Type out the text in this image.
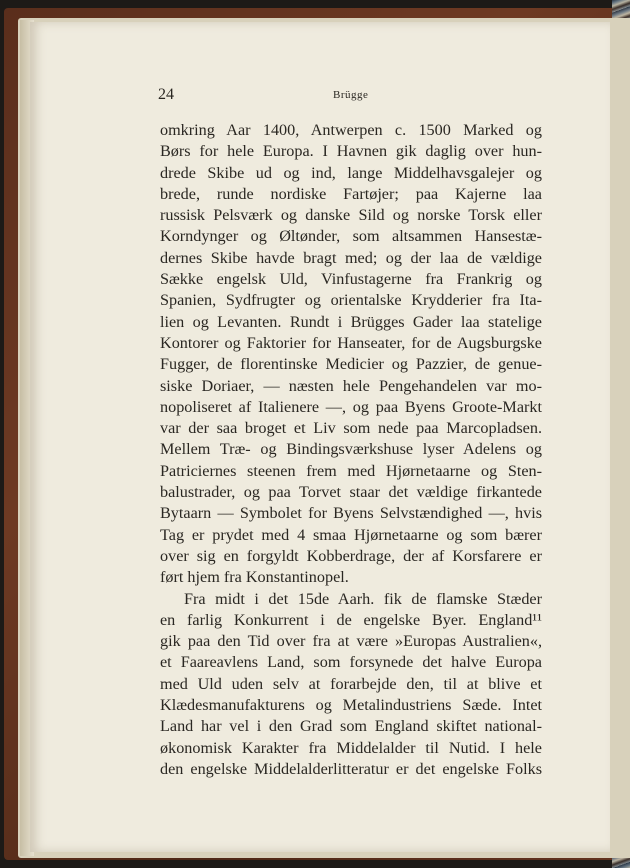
24	Brügge
omkring Aar 1400, Antwerpen c. 1500 Marked og
Børs for hele Europa. I Havnen gik daglig over hun-
drede Skibe ud og ind, lange Middelhavsgalejer og
brede, runde nordiske Fartøjer; paa Kajerne laa
russisk Pelsværk og danske Sild og norske Torsk eller
Korndynger og Øltønder, som altsammen Hansestæ-
dernes Skibe havde bragt med; og der laa de vældige
Sække engelsk Uld, Vinfustagerne fra Frankrig og
Spanien, Sydfrugter og orientalske Krydderier fra Ita-
lien og Levanten. Rundt i Brügges Gader laa statelige
Kontorer og Faktorier for Hanseater, for de Augsburgske
Fugger, de florentinske Medicier og Pazzier, de genue-
siske Doriaer, — næsten hele Pengehandelen var mo-
nopoliseret af Italienere —, og paa Byens Groote-Markt
var der saa broget et Liv som nede paa Marcopladsen.
Mellem Træ- og Bindingsværkshuse lyser Adelens og
Patriciernes steenen frem med Hjørnetaarne og Sten-
balustrader, og paa Torvet staar det vældige firkantede
Bytaarn — Symbolet for Byens Selvstændighed —, hvis
Tag er prydet med 4 smaa Hjørnetaarne og som bærer
over sig en forgyldt Kobberdrage, der af Korsfarere er
ført hjem fra Konstantinopel.
Fra midt i det 15de Aarh. fik de flamske Stæder
en farlig Konkurrent i de engelske Byer. England¹¹
gik paa den Tid over fra at være »Europas Australien«,
et Faareavlens Land, som forsynede det halve Europa
med Uld uden selv at forarbejde den, til at blive et
Klædesmanufakturens og Metalindustriens Sæde. Intet
Land har vel i den Grad som England skiftet national-
økonomisk Karakter fra Middelalder til Nutid. I hele
den engelske Middelalderlitteratur er det engelske Folks
